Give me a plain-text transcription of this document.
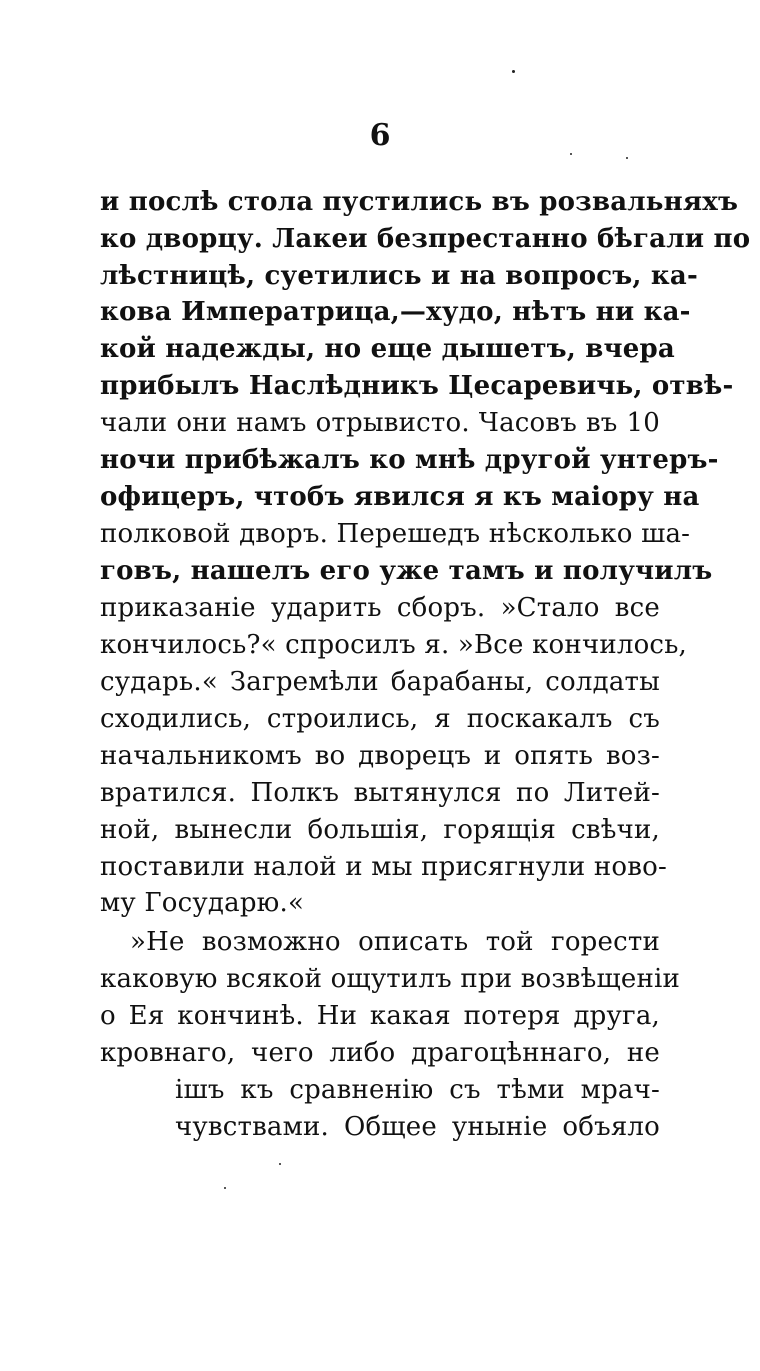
6
и послѣ стола пустились въ розвальняхъ
ко дворцу. Лакеи безпрестанно бѣгали по
лѣстницѣ, суетились и на вопросъ, ка-
кова Императрица,—худо, нѣтъ ни ка-
кой надежды, но еще дышетъ, вчера
прибылъ Наслѣдникъ Цесаревичь, отвѣ-
чали они намъ отрывисто. Часовъ въ 10
ночи прибѣжалъ ко мнѣ другой унтеръ-
офицеръ, чтобъ явился я къ маіору на
полковой дворъ. Перешедъ нѣсколько ша-
говъ, нашелъ его уже тамъ и получилъ
приказаніе ударить сборъ. »Стало все
кончилось?« спросилъ я. »Все кончилось,
сударь.« Загремѣли барабаны, солдаты
сходились, строились, я поскакалъ съ
начальникомъ во дворецъ и опять воз-
вратился. Полкъ вытянулся по Литей-
ной, вынесли большія, горящія свѣчи,
поставили налой и мы присягнули ново-
му Государю.«
»Не возможно описать той горести
каковую всякой ощутилъ при возвѣщеніи
о Ея кончинѣ. Ни какая потеря друга,
кровнаго, чего либо драгоцѣннаго, не
ішъ къ сравненію съ тѣми мрач-
чувствами. Общее уныніе объяло
